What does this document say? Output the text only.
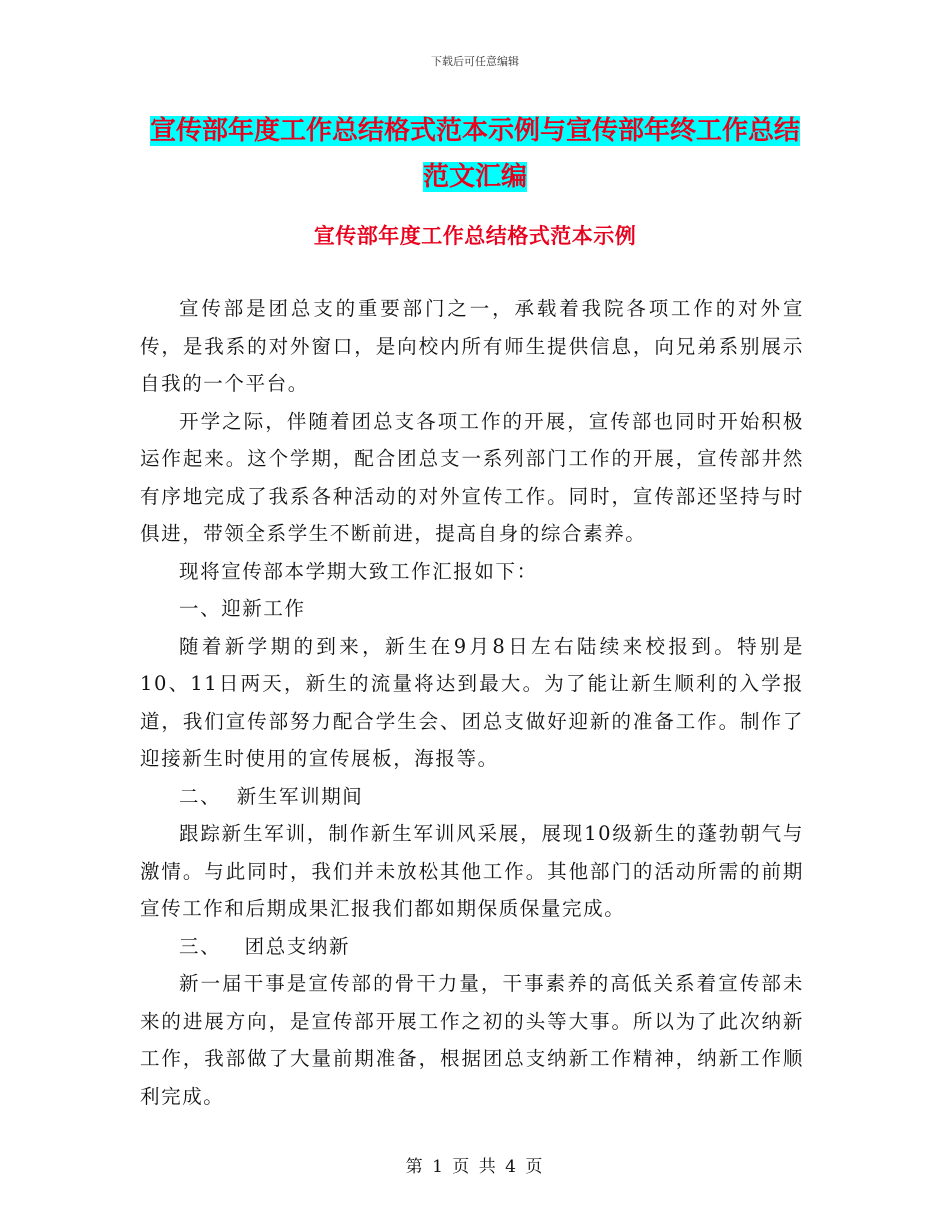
下载后可任意编辑
宣传部年度工作总结格式范本示例与宣传部年终工作总结范文汇编
宣传部年度工作总结格式范本示例

宣传部是团总支的重要部门之一，承载着我院各项工作的对外宣传，是我系的对外窗口，是向校内所有师生提供信息，向兄弟系别展示自我的一个平台。

开学之际，伴随着团总支各项工作的开展，宣传部也同时开始积极运作起来。这个学期，配合团总支一系列部门工作的开展，宣传部井然有序地完成了我系各种活动的对外宣传工作。同时，宣传部还坚持与时俱进，带领全系学生不断前进，提高自身的综合素养。

现将宣传部本学期大致工作汇报如下：

一、迎新工作

随着新学期的到来，新生在9月8日左右陆续来校报到。特别是10、11日两天，新生的流量将达到最大。为了能让新生顺利的入学报道，我们宣传部努力配合学生会、团总支做好迎新的准备工作。制作了迎接新生时使用的宣传展板，海报等。

二、  新生军训期间

跟踪新生军训，制作新生军训风采展，展现10级新生的蓬勃朝气与激情。与此同时，我们并未放松其他工作。其他部门的活动所需的前期宣传工作和后期成果汇报我们都如期保质保量完成。

三、   团总支纳新

新一届干事是宣传部的骨干力量，干事素养的高低关系着宣传部未来的进展方向，是宣传部开展工作之初的头等大事。所以为了此次纳新工作，我部做了大量前期准备，根据团总支纳新工作精神，纳新工作顺利完成。

第 1 页 共 4 页
